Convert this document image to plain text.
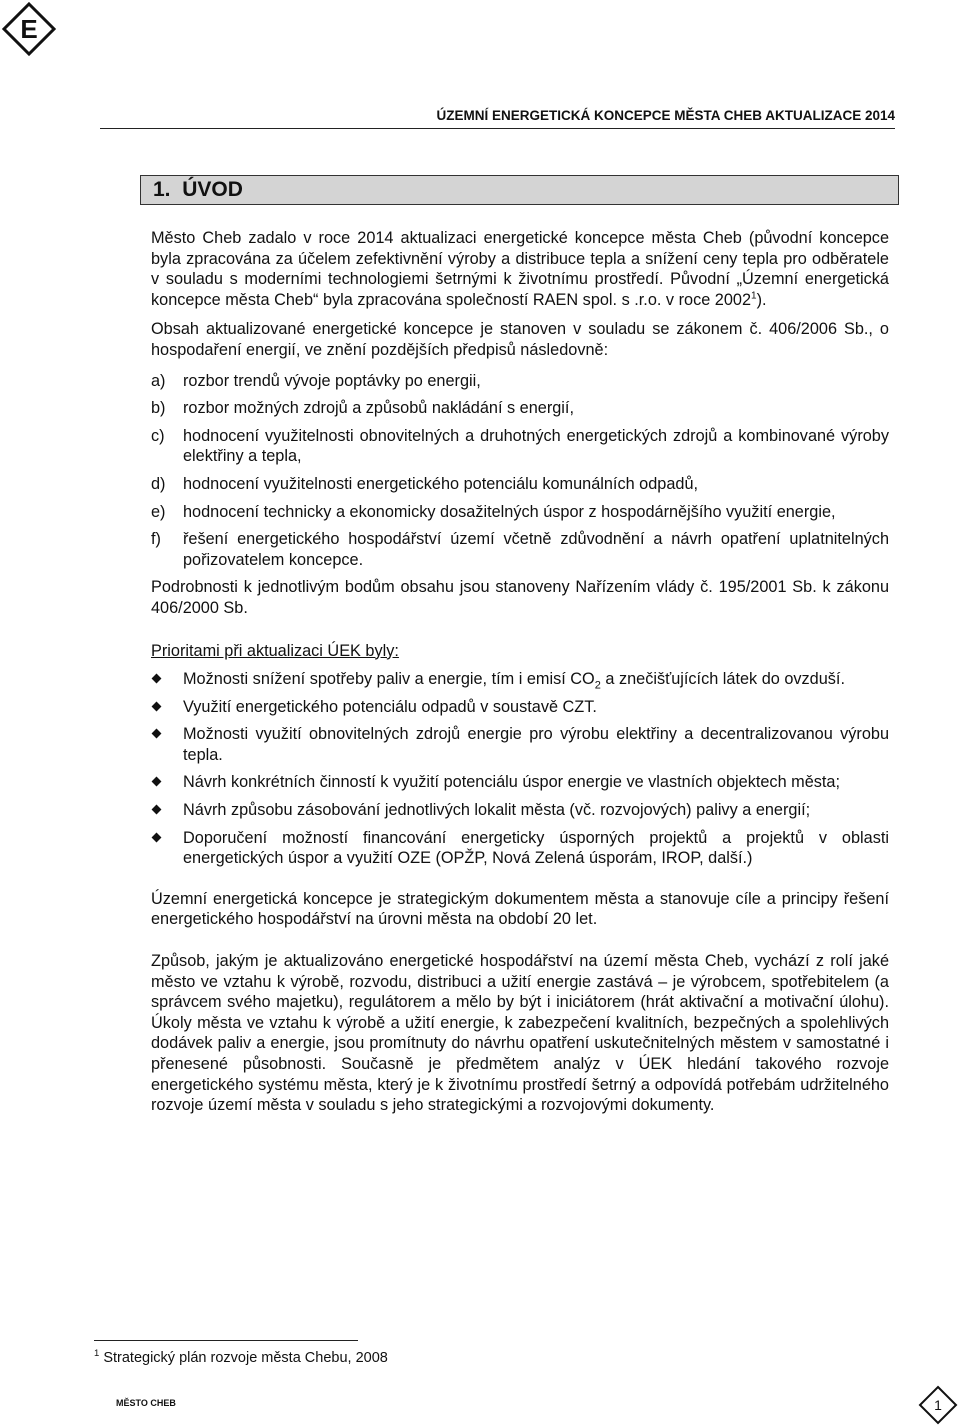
E
ÚZEMNÍ ENERGETICKÁ KONCEPCE MĚSTA CHEB AKTUALIZACE 2014
1. ÚVOD

Město Cheb zadalo v roce 2014 aktualizaci energetické koncepce města Cheb (původní koncepce byla zpracována za účelem zefektivnění výroby a distribuce tepla a snížení ceny tepla pro odběratele v souladu s moderními technologiemi šetrnými k životnímu prostředí. Původní „Územní energetická koncepce města Cheb“ byla zpracována společností RAEN spol. s .r.o. v roce 2002$^1$).

Obsah aktualizované energetické koncepce je stanoven v souladu se zákonem č. 406/2006 Sb., o hospodaření energií, ve znění pozdějších předpisů následovně:

a) rozbor trendů vývoje poptávky po energii,
b) rozbor možných zdrojů a způsobů nakládání s energií,
c) hodnocení využitelnosti obnovitelných a druhotných energetických zdrojů a kombinované výroby elektřiny a tepla,
d) hodnocení využitelnosti energetického potenciálu komunálních odpadů,
e) hodnocení technicky a ekonomicky dosažitelných úspor z hospodárnějšího využití energie,
f) řešení energetického hospodářství území včetně zdůvodnění a návrh opatření uplatnitelných pořizovatelem koncepce.

Podrobnosti k jednotlivým bodům obsahu jsou stanoveny Nařízením vlády č. 195/2001 Sb. k zákonu 406/2000 Sb.

Prioritami při aktualizaci ÚEK byly:
Možnosti snížení spotřeby paliv a energie, tím i emisí $CO_2$ a znečišťujících látek do ovzduší.
Využití energetického potenciálu odpadů v soustavě CZT.
Možnosti využití obnovitelných zdrojů energie pro výrobu elektřiny a decentralizovanou výrobu tepla.
Návrh konkrétních činností k využití potenciálu úspor energie ve vlastních objektech města;
Návrh způsobu zásobování jednotlivých lokalit města (vč. rozvojových) palivy a energií;
Doporučení možností financování energeticky úsporných projektů a projektů v oblasti energetických úspor a využití OZE (OPŽP, Nová Zelená úsporám, IROP, další.)

Územní energetická koncepce je strategickým dokumentem města a stanovuje cíle a principy řešení energetického hospodářství na úrovni města na období 20 let.

Způsob, jakým je aktualizováno energetické hospodářství na území města Cheb, vychází z rolí jaké město ve vztahu k výrobě, rozvodu, distribuci a užití energie zastává – je výrobcem, spotřebitelem (a správcem svého majetku), regulátorem a mělo by být i iniciátorem (hrát aktivační a motivační úlohu). Úkoly města ve vztahu k výrobě a užití energie, k zabezpečení kvalitních, bezpečných a spolehlivých dodávek paliv a energie, jsou promítnuty do návrhu opatření uskutečnitelných městem v samostatné i přenesené působnosti. Současně je předmětem analýz v ÚEK hledání takového rozvoje energetického systému města, který je k životnímu prostředí šetrný a odpovídá potřebám udržitelného rozvoje území města v souladu s jeho strategickými a rozvojovými dokumenty.

$^1$ Strategický plán rozvoje města Chebu, 2008
MĚSTO CHEB	1
